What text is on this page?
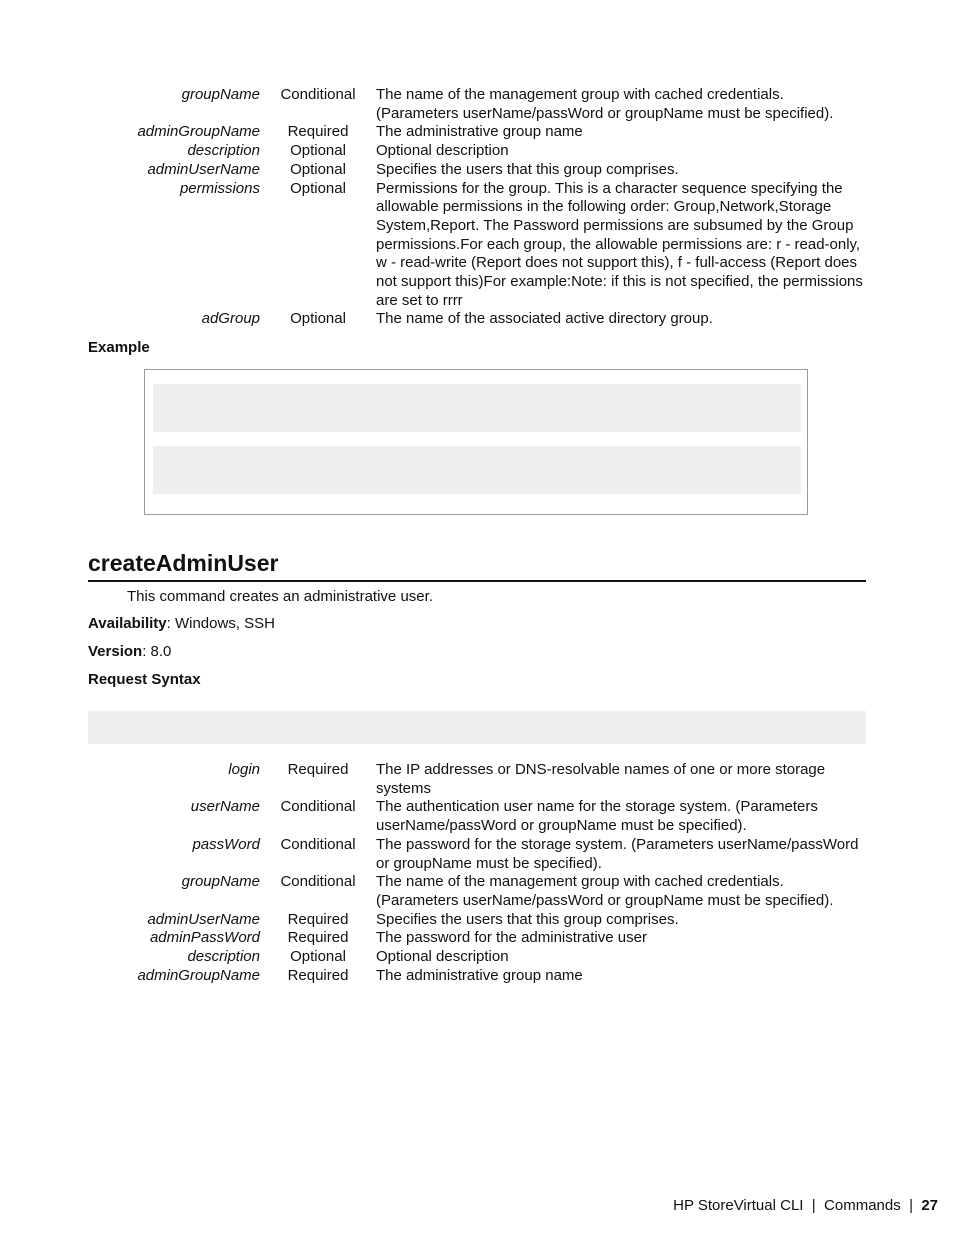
groupName	Conditional	The name of the management group with cached credentials. (Parameters userName/passWord or groupName must be specified).
adminGroupName	Required	The administrative group name
description	Optional	Optional description
adminUserName	Optional	Specifies the users that this group comprises.
permissions	Optional	Permissions for the group. This is a character sequence specifying the allowable permissions in the following order: Group,Network,Storage System,Report. The Password permissions are subsumed by the Group permissions.For each group, the allowable permissions are: r - read-only, w - read-write (Report does not support this), f - full-access (Report does not support this)For example:Note: if this is not specified, the permissions are set to rrrr
adGroup	Optional	The name of the associated active directory group.
Example
createAdminUser
This command creates an administrative user.
Availability: Windows, SSH
Version: 8.0
Request Syntax
login	Required	The IP addresses or DNS-resolvable names of one or more storage systems
userName	Conditional	The authentication user name for the storage system. (Parameters userName/passWord or groupName must be specified).
passWord	Conditional	The password for the storage system. (Parameters userName/passWord or groupName must be specified).
groupName	Conditional	The name of the management group with cached credentials. (Parameters userName/passWord or groupName must be specified).
adminUserName	Required	Specifies the users that this group comprises.
adminPassWord	Required	The password for the administrative user
description	Optional	Optional description
adminGroupName	Required	The administrative group name
HP StoreVirtual CLI  |  Commands  |  27
